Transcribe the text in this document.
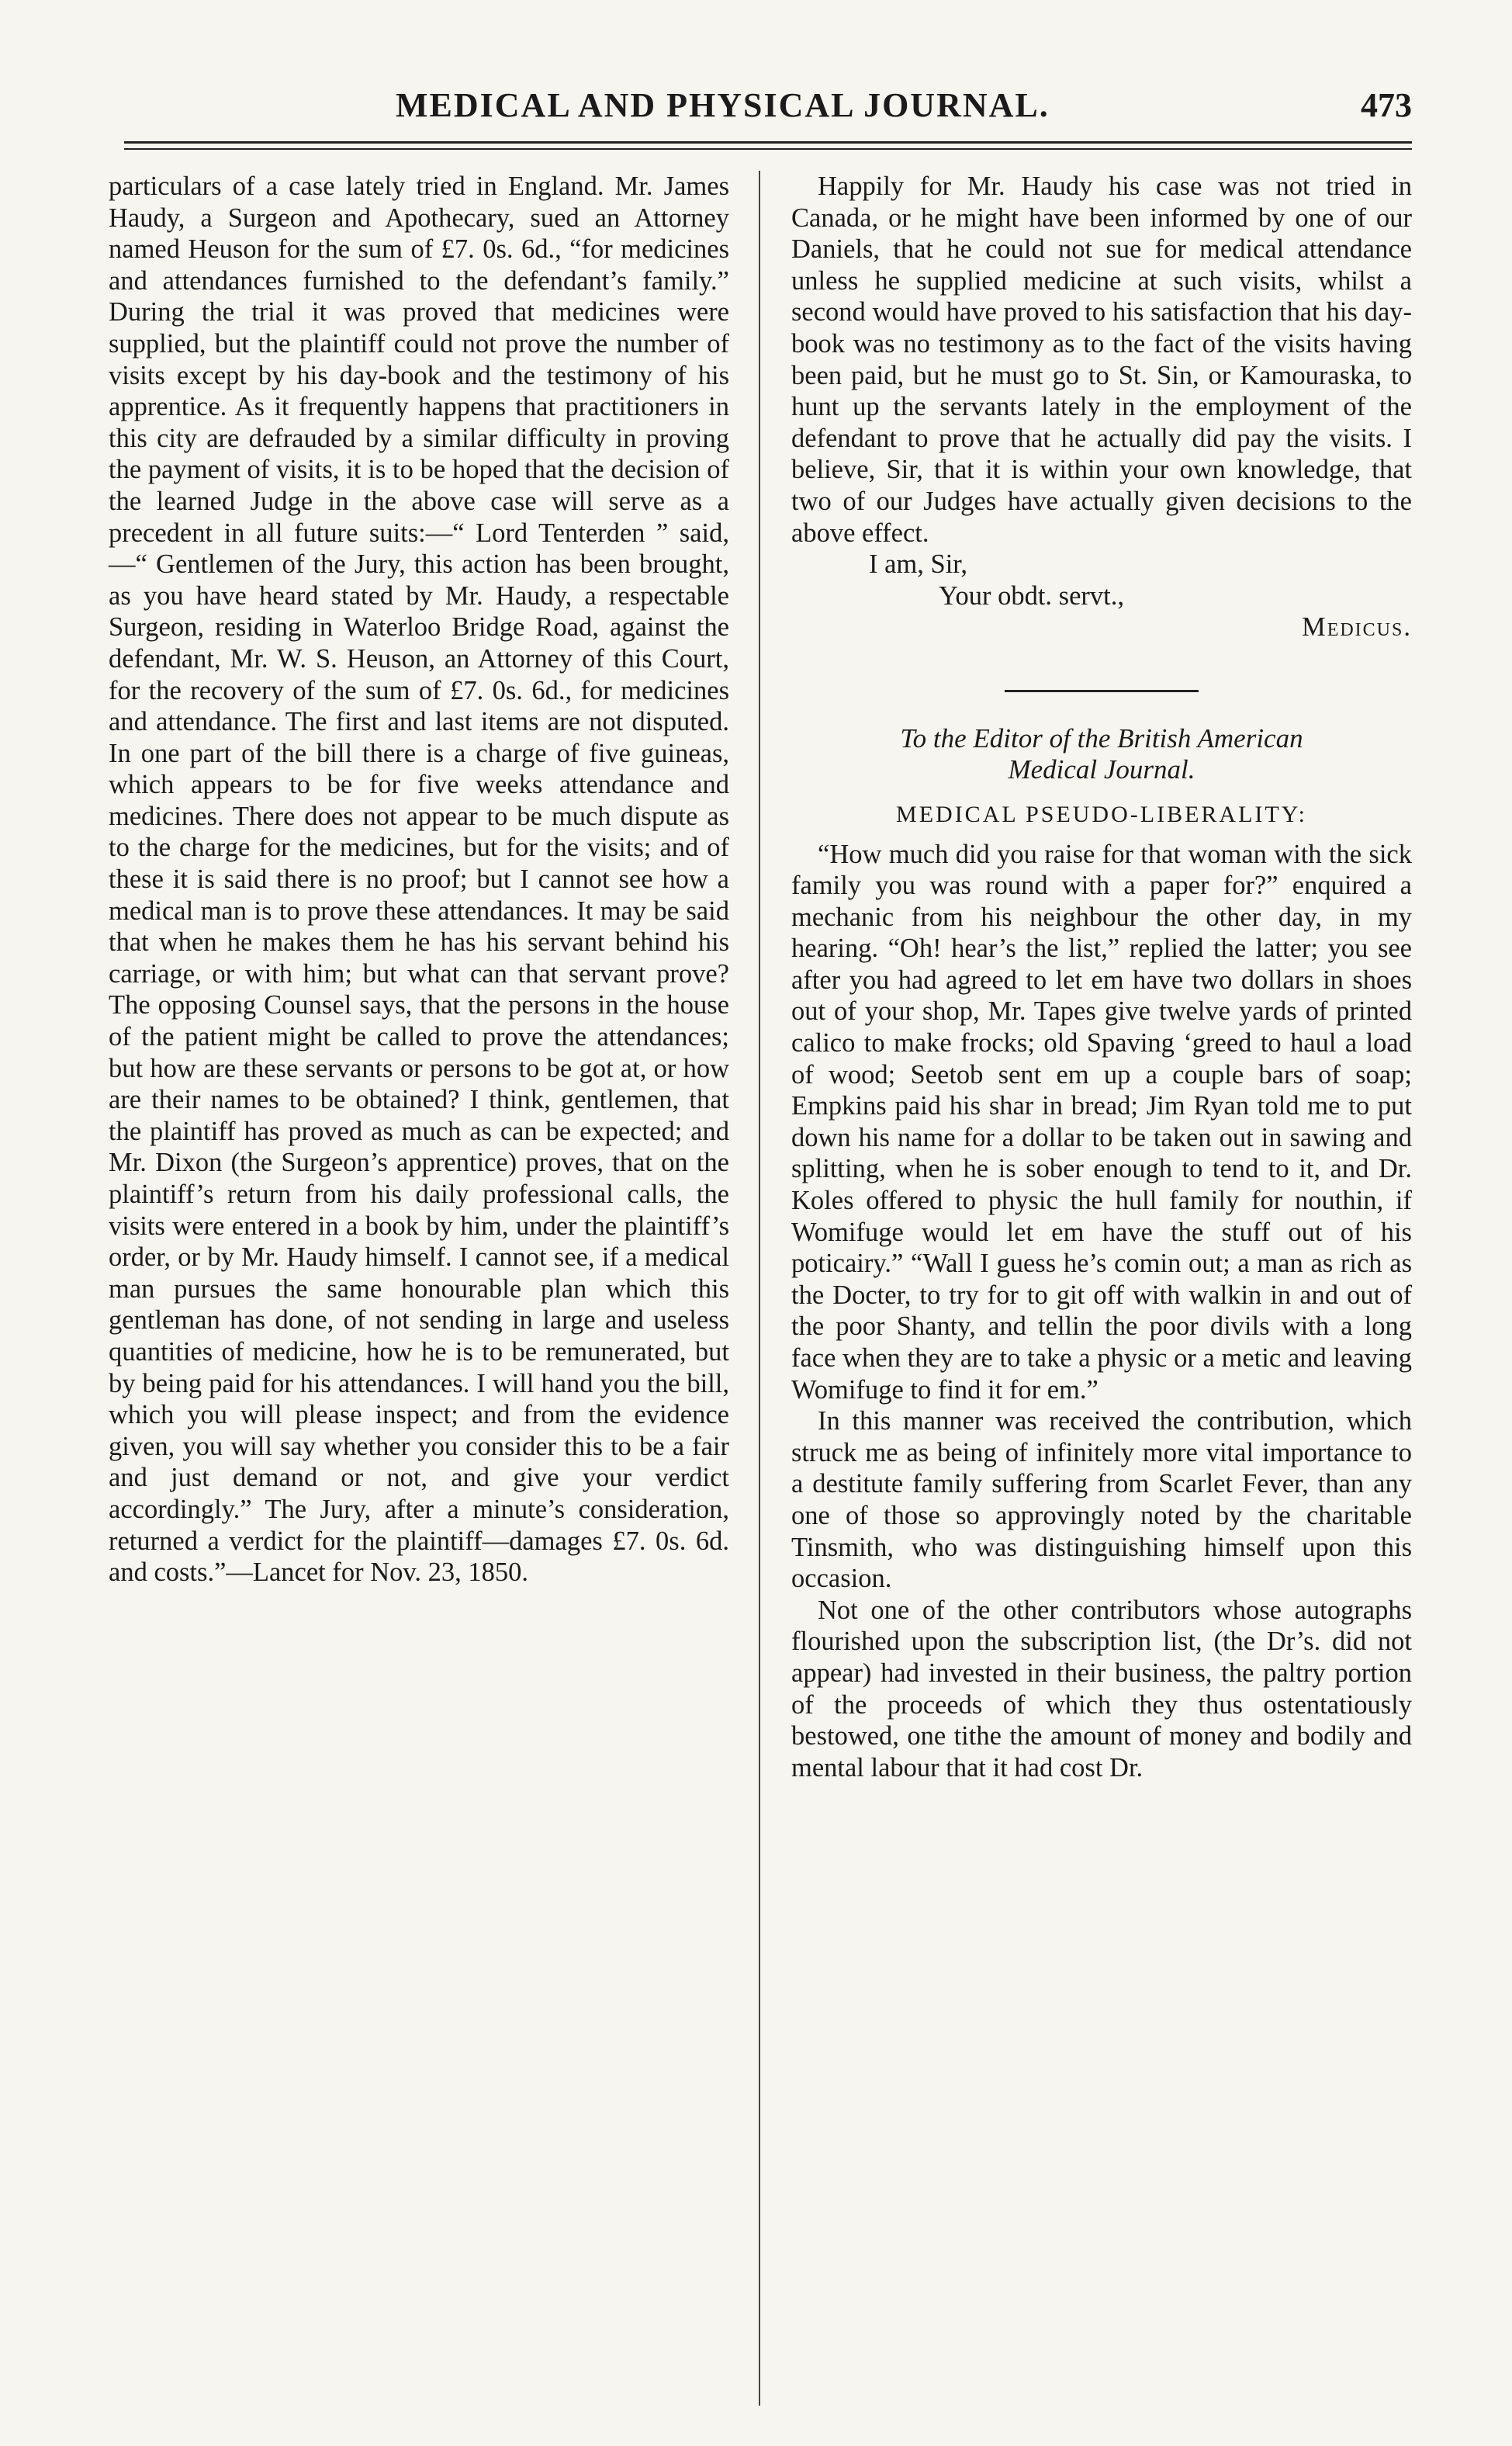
MEDICAL AND PHYSICAL JOURNAL.	473

particulars of a case lately tried in England. Mr. James Haudy, a Surgeon and Apothecary, sued an Attorney named Heuson for the sum of £7. 0s. 6d., “for medicines and attendances furnished to the defendant’s family.” During the trial it was proved that medicines were supplied, but the plaintiff could not prove the number of visits except by his day-book and the testimony of his apprentice. As it frequently happens that practitioners in this city are defrauded by a similar difficulty in proving the payment of visits, it is to be hoped that the decision of the learned Judge in the above case will serve as a precedent in all future suits:—“ Lord Tenterden ” said,—“ Gentlemen of the Jury, this action has been brought, as you have heard stated by Mr. Haudy, a respectable Surgeon, residing in Waterloo Bridge Road, against the defendant, Mr. W. S. Heuson, an Attorney of this Court, for the recovery of the sum of £7. 0s. 6d., for medicines and attendance. The first and last items are not disputed. In one part of the bill there is a charge of five guineas, which appears to be for five weeks attendance and medicines. There does not appear to be much dispute as to the charge for the medicines, but for the visits; and of these it is said there is no proof; but I cannot see how a medical man is to prove these attendances. It may be said that when he makes them he has his servant behind his carriage, or with him; but what can that servant prove? The opposing Counsel says, that the persons in the house of the patient might be called to prove the attendances; but how are these servants or persons to be got at, or how are their names to be obtained? I think, gentlemen, that the plaintiff has proved as much as can be expected; and Mr. Dixon (the Surgeon’s apprentice) proves, that on the plaintiff’s return from his daily professional calls, the visits were entered in a book by him, under the plaintiff’s order, or by Mr. Haudy himself. I cannot see, if a medical man pursues the same honourable plan which this gentleman has done, of not sending in large and useless quantities of medicine, how he is to be remunerated, but by being paid for his attendances. I will hand you the bill, which you will please inspect; and from the evidence given, you will say whether you consider this to be a fair and just demand or not, and give your verdict accordingly.” The Jury, after a minute’s consideration, returned a verdict for the plaintiff—damages £7. 0s. 6d. and costs.”—Lancet for Nov. 23, 1850.

Happily for Mr. Haudy his case was not tried in Canada, or he might have been informed by one of our Daniels, that he could not sue for medical attendance unless he supplied medicine at such visits, whilst a second would have proved to his satisfaction that his day-book was no testimony as to the fact of the visits having been paid, but he must go to St. Sin, or Kamouraska, to hunt up the servants lately in the employment of the defendant to prove that he actually did pay the visits. I believe, Sir, that it is within your own knowledge, that two of our Judges have actually given decisions to the above effect.

I am, Sir,

Your obdt. servt.,

Medicus.

To the Editor of the British American

Medical Journal.

MEDICAL PSEUDO-LIBERALITY:

“How much did you raise for that woman with the sick family you was round with a paper for?” enquired a mechanic from his neighbour the other day, in my hearing. “Oh! hear’s the list,” replied the latter; you see after you had agreed to let em have two dollars in shoes out of your shop, Mr. Tapes give twelve yards of printed calico to make frocks; old Spaving ‘greed to haul a load of wood; Seetob sent em up a couple bars of soap; Empkins paid his shar in bread; Jim Ryan told me to put down his name for a dollar to be taken out in sawing and splitting, when he is sober enough to tend to it, and Dr. Koles offered to physic the hull family for nouthin, if Womifuge would let em have the stuff out of his poticairy.” “Wall I guess he’s comin out; a man as rich as the Docter, to try for to git off with walkin in and out of the poor Shanty, and tellin the poor divils with a long face when they are to take a physic or a metic and leaving Womifuge to find it for em.”

In this manner was received the contribution, which struck me as being of infinitely more vital importance to a destitute family suffering from Scarlet Fever, than any one of those so approvingly noted by the charitable Tinsmith, who was distinguishing himself upon this occasion.

Not one of the other contributors whose autographs flourished upon the subscription list, (the Dr’s. did not appear) had invested in their business, the paltry portion of the proceeds of which they thus ostentatiously bestowed, one tithe the amount of money and bodily and mental labour that it had cost Dr.
